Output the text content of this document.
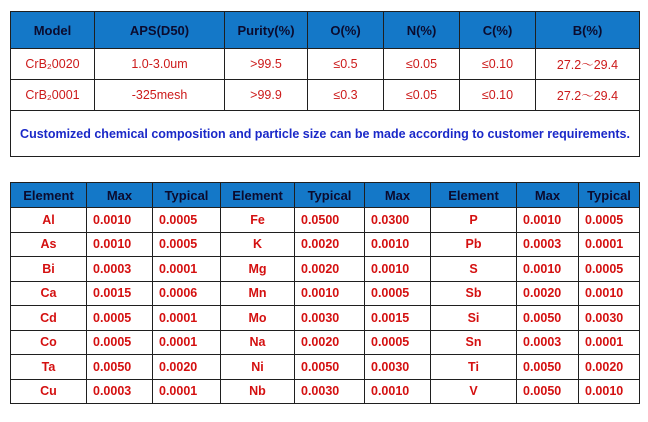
Model	APS(D50)	Purity(%)	O(%)	N(%)	C(%)	B(%)
CrB₂0020	1.0-3.0um	>99.5	≤0.5	≤0.05	≤0.10	27.2～29.4
CrB₂0001	-325mesh	>99.9	≤0.3	≤0.05	≤0.10	27.2～29.4
Customized chemical composition and particle size can be made according to customer requirements.						
Element	Max	Typical	Element	Typical	Max	Element	Max	Typical
Al	0.0010	0.0005	Fe	0.0500	0.0300	P	0.0010	0.0005
As	0.0010	0.0005	K	0.0020	0.0010	Pb	0.0003	0.0001
Bi	0.0003	0.0001	Mg	0.0020	0.0010	S	0.0010	0.0005
Ca	0.0015	0.0006	Mn	0.0010	0.0005	Sb	0.0020	0.0010
Cd	0.0005	0.0001	Mo	0.0030	0.0015	Si	0.0050	0.0030
Co	0.0005	0.0001	Na	0.0020	0.0005	Sn	0.0003	0.0001
Ta	0.0050	0.0020	Ni	0.0050	0.0030	Ti	0.0050	0.0020
Cu	0.0003	0.0001	Nb	0.0030	0.0010	V	0.0050	0.0010
